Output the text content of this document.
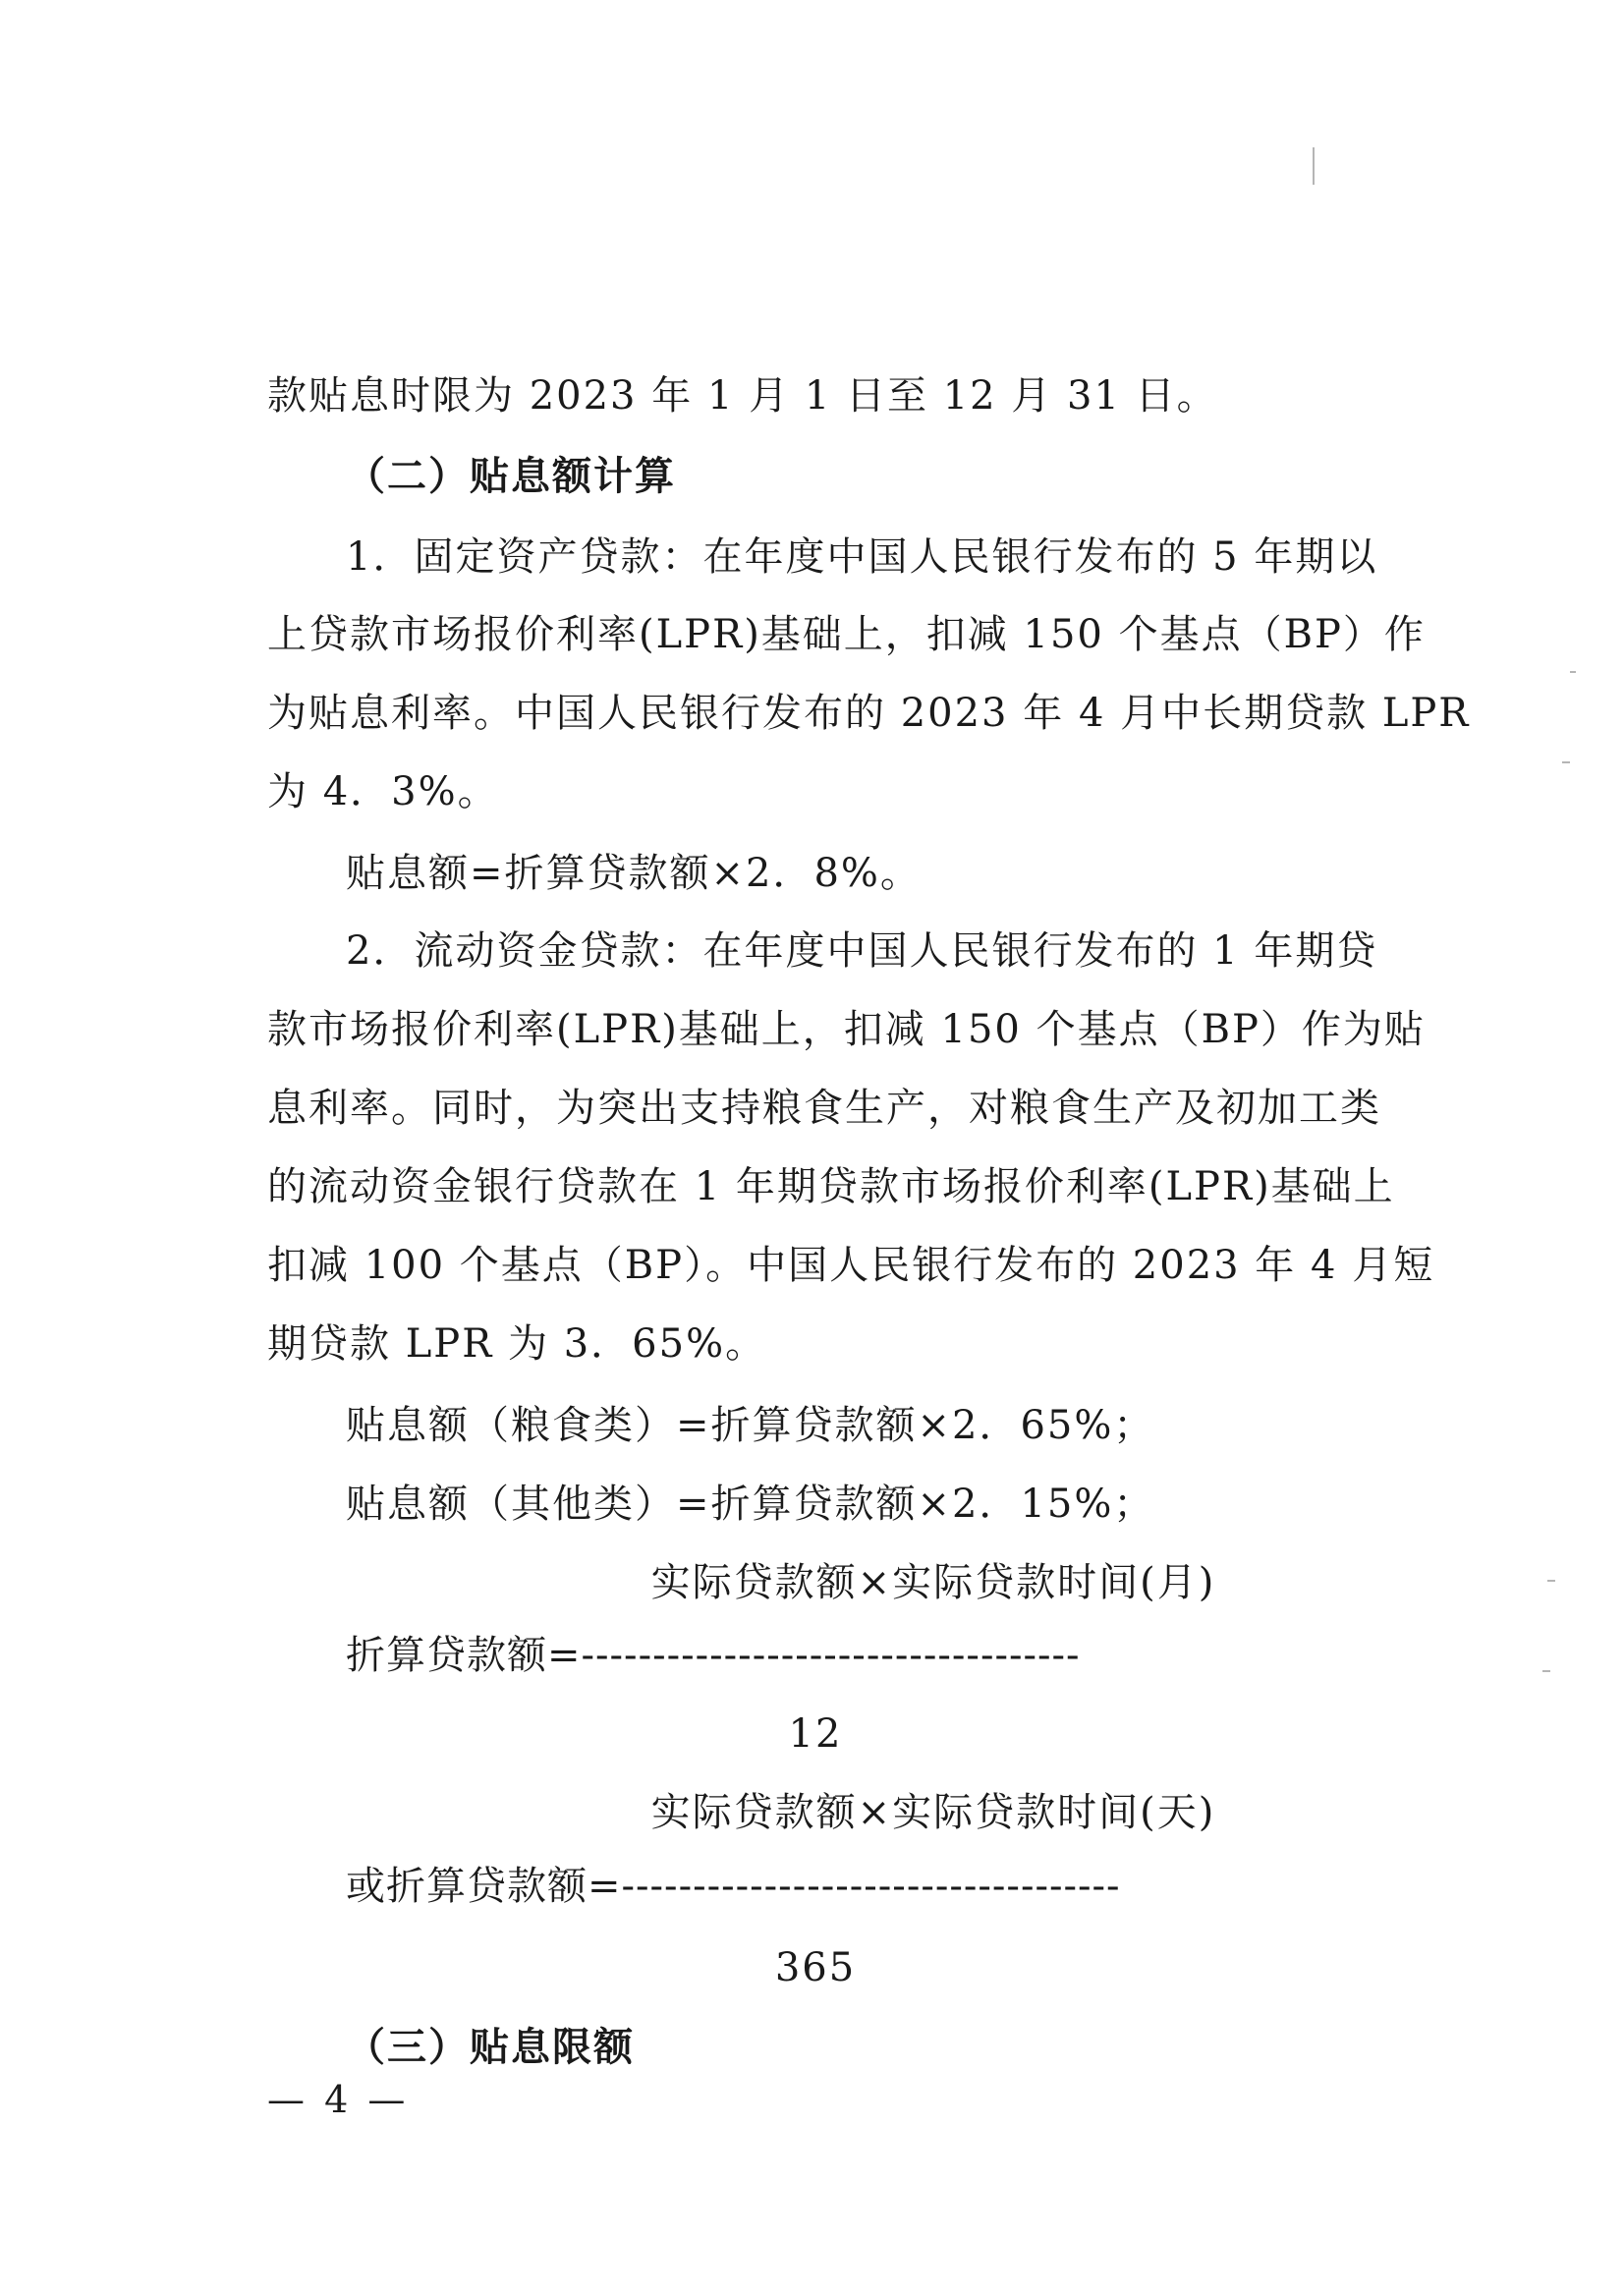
款贴息时限为 2023 年 1 月 1 日至 12 月 31 日。
（二）贴息额计算
1．固定资产贷款：在年度中国人民银行发布的 5 年期以
上贷款市场报价利率(LPR)基础上，扣减 150 个基点（BP）作
为贴息利率。中国人民银行发布的 2023 年 4 月中长期贷款 LPR
为 4．3%。
贴息额=折算贷款额×2．8%。
2．流动资金贷款：在年度中国人民银行发布的 1 年期贷
款市场报价利率(LPR)基础上，扣减 150 个基点（BP）作为贴
息利率。同时，为突出支持粮食生产，对粮食生产及初加工类
的流动资金银行贷款在 1 年期贷款市场报价利率(LPR)基础上
扣减 100 个基点（BP）。中国人民银行发布的 2023 年 4 月短
期贷款 LPR 为 3．65%。
贴息额（粮食类）=折算贷款额×2．65%；
贴息额（其他类）=折算贷款额×2．15%；
实际贷款额×实际贷款时间(月)
折算贷款额=-----------------------------------
12
实际贷款额×实际贷款时间(天)
或折算贷款额=-----------------------------------
365
（三）贴息限额
— 4 —
